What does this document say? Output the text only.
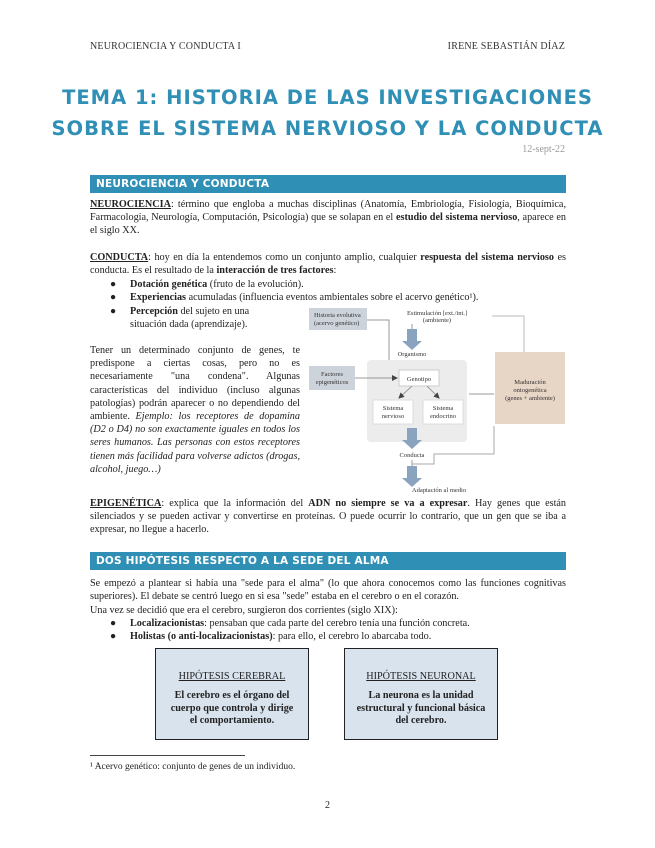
NEUROCIENCIA Y CONDUCTA I	IRENE SEBASTIÁN DÍAZ
TEMA 1: HISTORIA DE LAS INVESTIGACIONES
SOBRE EL SISTEMA NERVIOSO Y LA CONDUCTA
12-sept-22
NEUROCIENCIA Y CONDUCTA
NEUROCIENCIA: término que engloba a muchas disciplinas (Anatomía, Embriología, Fisiología, Bioquímica, Farmacología, Neurología, Computación, Psicología) que se solapan en el estudio del sistema nervioso, aparece en el siglo XX.
CONDUCTA: hoy en día la entendemos como un conjunto amplio, cualquier respuesta del sistema nervioso es conducta. Es el resultado de la interacción de tres factores:
● Dotación genética (fruto de la evolución).
● Experiencias acumuladas (influencia eventos ambientales sobre el acervo genético¹).
● Percepción del sujeto en una
situación dada (aprendizaje).
Tener un determinado conjunto de genes, te predispone a ciertas cosas, pero no es necesariamente "una condena". Algunas características del individuo (incluso algunas patologías) podrán aparecer o no dependiendo del ambiente. Ejemplo: los receptores de dopamina (D2 o D4) no son exactamente iguales en todos los seres humanos. Las personas con estos receptores tienen más facilidad para volverse adictos (drogas, alcohol, juego…)
Historia evolutiva
(acervo genético)
Estimulación [ext./int.]
(ambiente)
Organismo
Factores
epigenéticos	Genotipo
Sistema
nervioso
Sistema
endocrino
Maduración
ontogenética
(genes + ambiente)
Conducta
Adaptación al medio
EPIGENÉTICA: explica que la información del ADN no siempre se va a expresar. Hay genes que están silenciados y se pueden activar y convertirse en proteínas. O puede ocurrir lo contrario, que un gen que se iba a expresar, no llegue a hacerlo.
DOS HIPÓTESIS RESPECTO A LA SEDE DEL ALMA
Se empezó a plantear si había una "sede para el alma" (lo que ahora conocemos como las funciones cognitivas superiores). El debate se centró luego en si esa "sede" estaba en el cerebro o en el corazón.
Una vez se decidió que era el cerebro, surgieron dos corrientes (siglo XIX):
● Localizacionistas: pensaban que cada parte del cerebro tenía una función concreta.
● Holistas (o anti-localizacionistas): para ello, el cerebro lo abarcaba todo.
HIPÓTESIS CEREBRAL
El cerebro es el órgano del cuerpo que controla y dirige el comportamiento.
HIPÓTESIS NEURONAL
La neurona es la unidad estructural y funcional básica del cerebro.
¹ Acervo genético: conjunto de genes de un individuo.
2
